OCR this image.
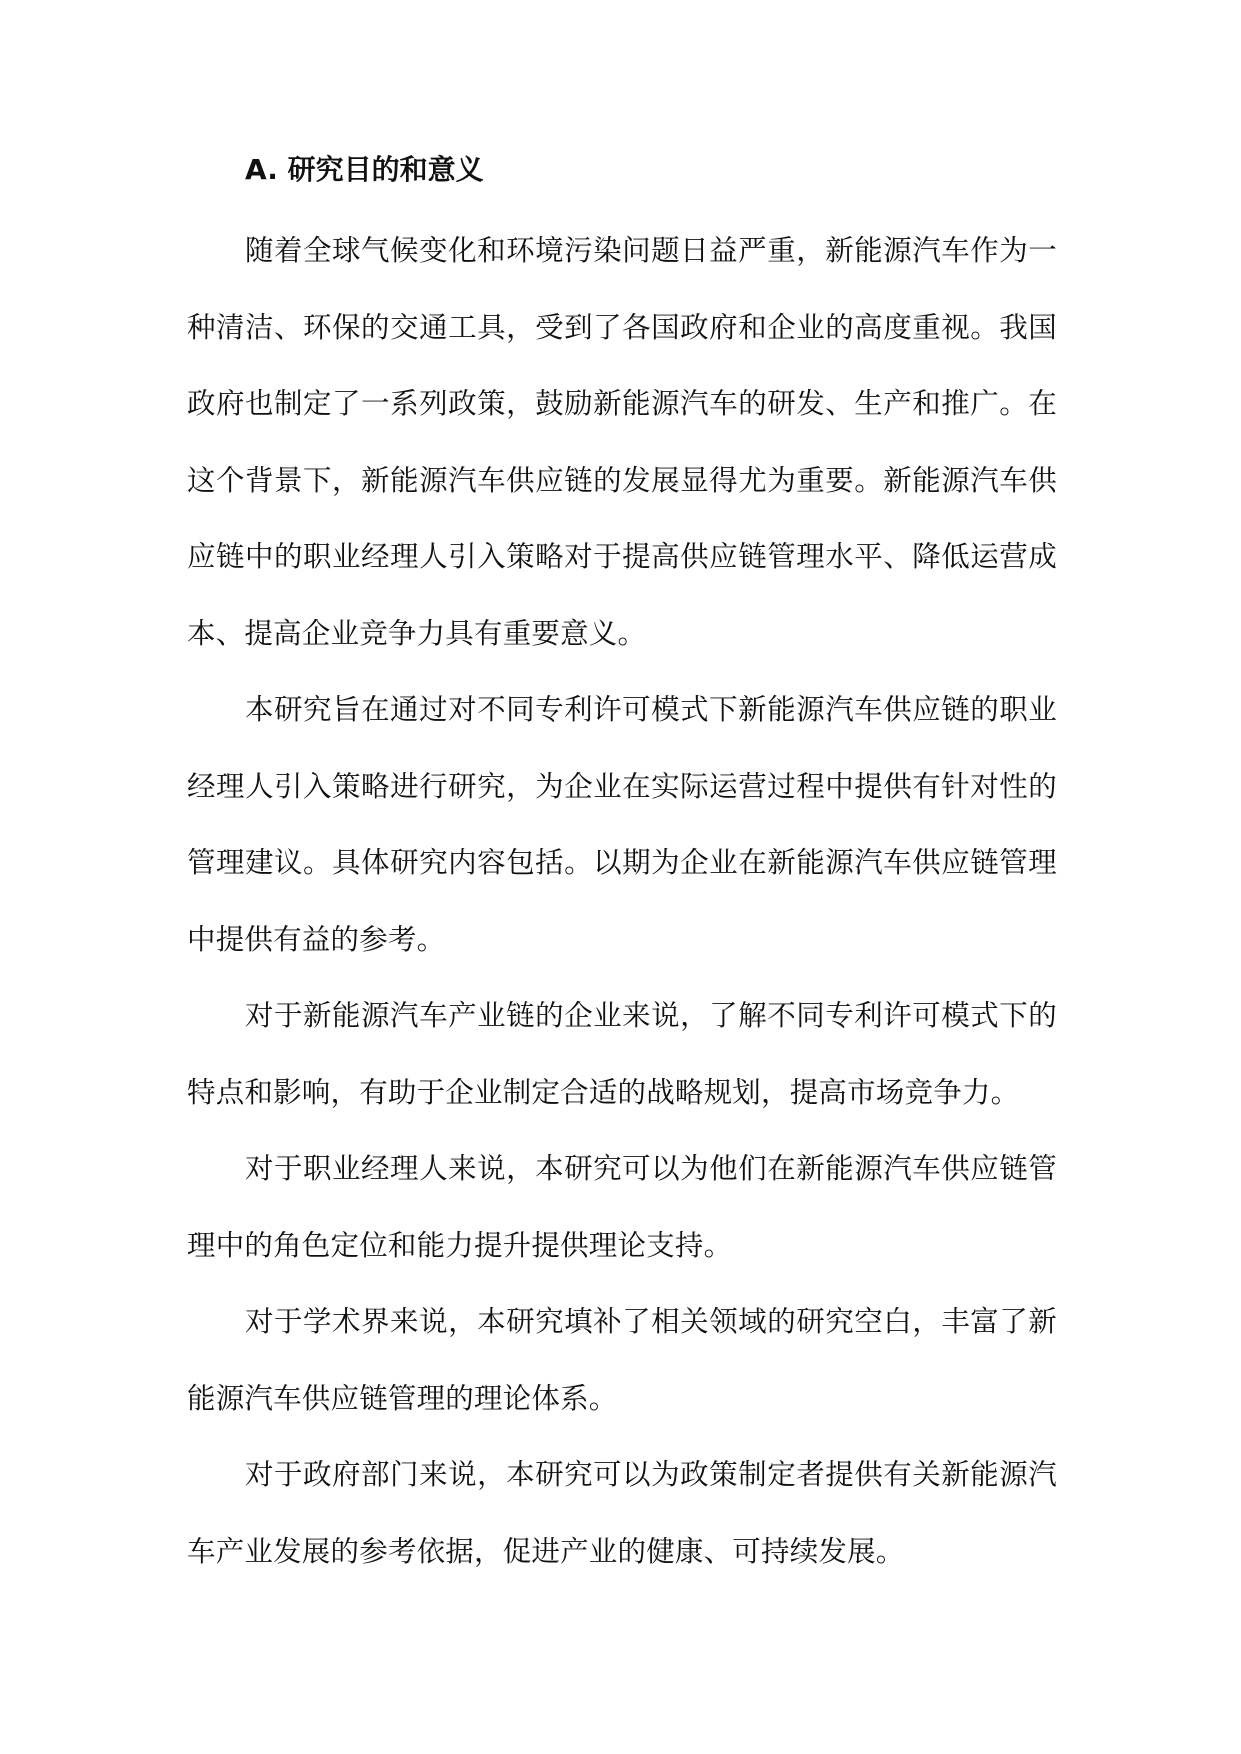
A. 研究目的和意义

随着全球气候变化和环境污染问题日益严重，新能源汽车作为一种清洁、环保的交通工具，受到了各国政府和企业的高度重视。我国政府也制定了一系列政策，鼓励新能源汽车的研发、生产和推广。在这个背景下，新能源汽车供应链的发展显得尤为重要。新能源汽车供应链中的职业经理人引入策略对于提高供应链管理水平、降低运营成本、提高企业竞争力具有重要意义。

本研究旨在通过对不同专利许可模式下新能源汽车供应链的职业经理人引入策略进行研究，为企业在实际运营过程中提供有针对性的管理建议。具体研究内容包括。以期为企业在新能源汽车供应链管理中提供有益的参考。

对于新能源汽车产业链的企业来说，了解不同专利许可模式下的特点和影响，有助于企业制定合适的战略规划，提高市场竞争力。

对于职业经理人来说，本研究可以为他们在新能源汽车供应链管理中的角色定位和能力提升提供理论支持。

对于学术界来说，本研究填补了相关领域的研究空白，丰富了新能源汽车供应链管理的理论体系。

对于政府部门来说，本研究可以为政策制定者提供有关新能源汽车产业发展的参考依据，促进产业的健康、可持续发展。
